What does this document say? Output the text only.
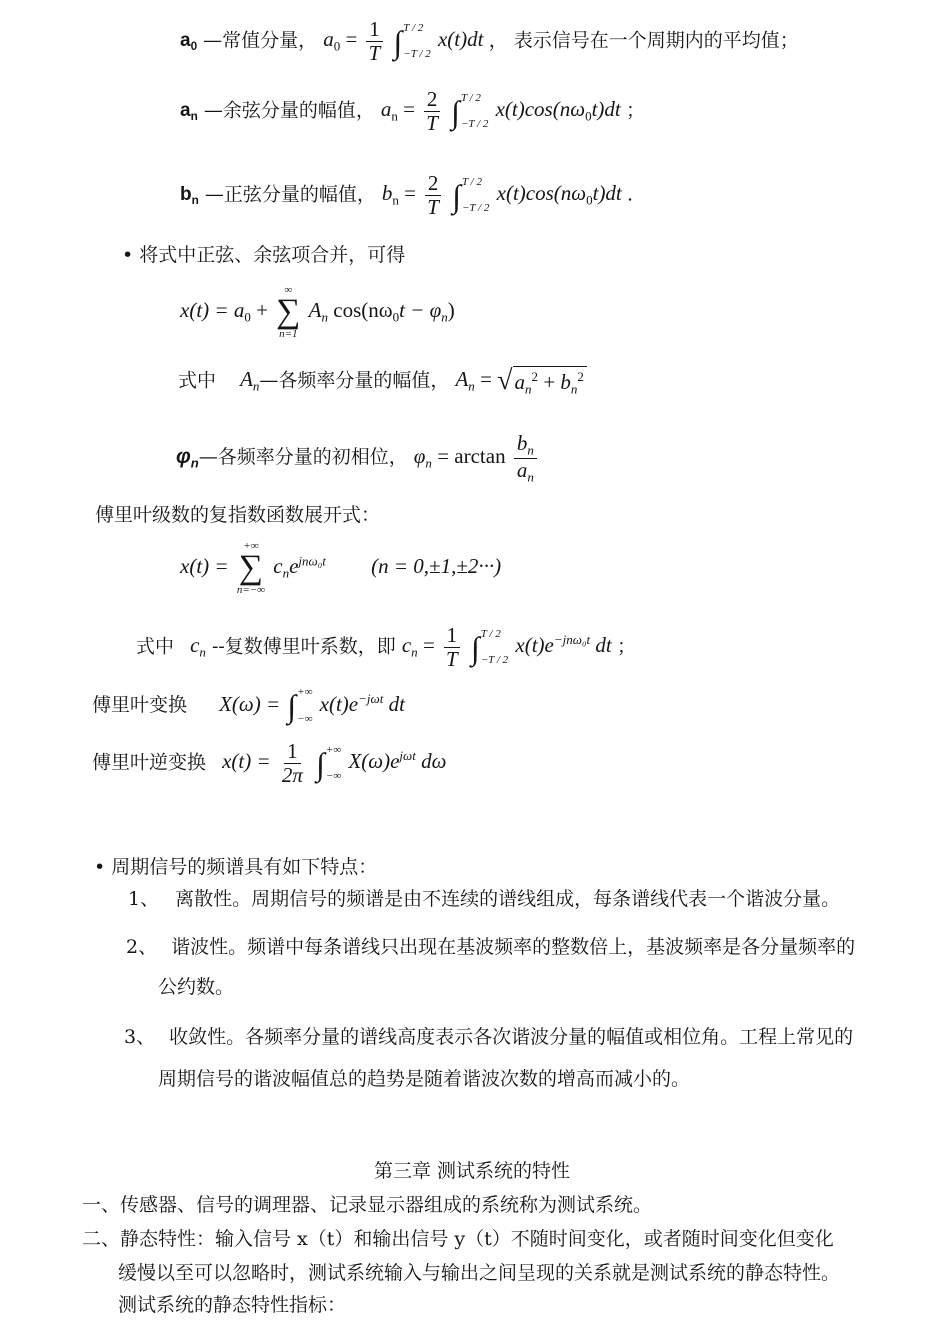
$a_0$ —常值分量， $a_0 = \frac{1}{T}$
∫ T / 2
−T / 2
x(t)dt ， 表示信号在一个周期内的平均值；
$a_n$ —余弦分量的幅值， $a_n = \frac{2}{T}$
∫ T / 2
−T / 2
$x(t)\cos(n\omega_0t)dt$ ；
$b_n$ —正弦分量的幅值， $b_n = \frac{2}{T}$
∫ T / 2
−T / 2
$x(t)\cos(n\omega_0t)dt$ .
• 将式中正弦、余弦项合并，可得
$x(t) = a_0$ +
∞
∑
n=1
$A_n$ $\cos(n\omega_0t - \varphi_n)$
式中 $A_n—$各频率分量的幅值， $A_n$ = √ $a_n^2 + b_n^2$
$\varphi_n—$各频率分量的初相位， $\varphi_n = \arctan \frac{b_n}{a_n}$
傅里叶级数的复指数函数展开式：
x(t) =
+∞
∑
n=−∞
$c_ne^{jn\omega_0t}$ (n = 0,±1,±2···)
式中 $c_n$ --复数傅里叶系数，即 $c_n = \frac{1}{T}$
∫ T / 2
−T / 2
$x(t)e^{-jn\omega_0t}$ dt ；
傅里叶变换 X(ω) = ∫ +∞
−∞
$x(t)e^{-j\omega t}$ dt
傅里叶逆变换 $x(t) = \frac{1}{2\pi}$
∫ +∞
−∞
$X(\omega)e^{j\omega t}$ dω
• 周期信号的频谱具有如下特点：
1、 离散性。周期信号的频谱是由不连续的谱线组成，每条谱线代表一个谐波分量。
2、 谐波性。频谱中每条谱线只出现在基波频率的整数倍上，基波频率是各分量频率的
公约数。
3、 收敛性。各频率分量的谱线高度表示各次谐波分量的幅值或相位角。工程上常见的
周期信号的谐波幅值总的趋势是随着谐波次数的增高而减小的。
第三章 测试系统的特性
一、传感器、信号的调理器、记录显示器组成的系统称为测试系统。
二、静态特性：输入信号 x（t）和输出信号 y（t）不随时间变化，或者随时间变化但变化
缓慢以至可以忽略时，测试系统输入与输出之间呈现的关系就是测试系统的静态特性。
测试系统的静态特性指标：
